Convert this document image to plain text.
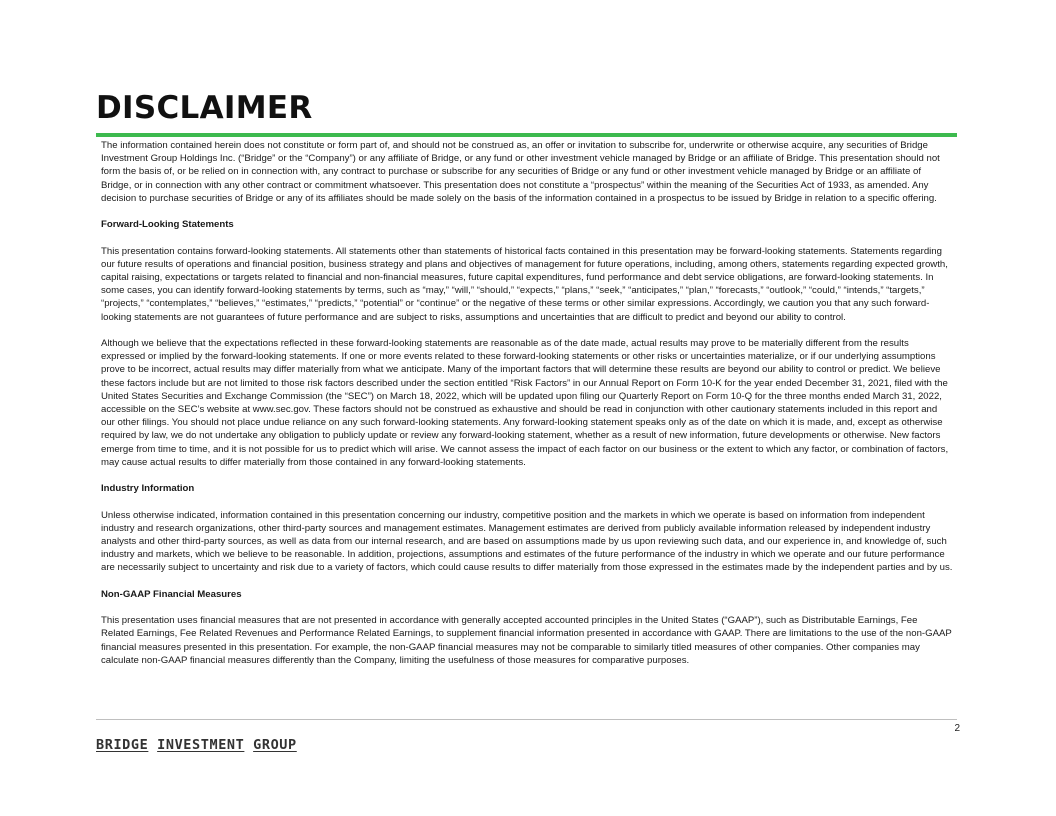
DISCLAIMER

The information contained herein does not constitute or form part of, and should not be construed as, an offer or invitation to subscribe for, underwrite or otherwise acquire, any securities of Bridge Investment Group Holdings Inc. (“Bridge” or the “Company”) or any affiliate of Bridge, or any fund or other investment vehicle managed by Bridge or an affiliate of Bridge. This presentation should not form the basis of, or be relied on in connection with, any contract to purchase or subscribe for any securities of Bridge or any fund or other investment vehicle managed by Bridge or an affiliate of Bridge, or in connection with any other contract or commitment whatsoever. This presentation does not constitute a “prospectus” within the meaning of the Securities Act of 1933, as amended. Any decision to purchase securities of Bridge or any of its affiliates should be made solely on the basis of the information contained in a prospectus to be issued by Bridge in relation to a specific offering.

Forward-Looking Statements

This presentation contains forward-looking statements. All statements other than statements of historical facts contained in this presentation may be forward-looking statements. Statements regarding our future results of operations and financial position, business strategy and plans and objectives of management for future operations, including, among others, statements regarding expected growth, capital raising, expectations or targets related to financial and non-financial measures, future capital expenditures, fund performance and debt service obligations, are forward-looking statements. In some cases, you can identify forward-looking statements by terms, such as “may,” “will,” “should,” “expects,” “plans,” “seek,” “anticipates,” “plan,” “forecasts,” “outlook,” “could,” “intends,” “targets,” “projects,” “contemplates,” “believes,” “estimates,” “predicts,” “potential” or “continue” or the negative of these terms or other similar expressions. Accordingly, we caution you that any such forward-looking statements are not guarantees of future performance and are subject to risks, assumptions and uncertainties that are difficult to predict and beyond our ability to control.

Although we believe that the expectations reflected in these forward-looking statements are reasonable as of the date made, actual results may prove to be materially different from the results expressed or implied by the forward-looking statements. If one or more events related to these forward-looking statements or other risks or uncertainties materialize, or if our underlying assumptions prove to be incorrect, actual results may differ materially from what we anticipate. Many of the important factors that will determine these results are beyond our ability to control or predict. We believe these factors include but are not limited to those risk factors described under the section entitled “Risk Factors” in our Annual Report on Form 10-K for the year ended December 31, 2021, filed with the United States Securities and Exchange Commission (the “SEC”) on March 18, 2022, which will be updated upon filing our Quarterly Report on Form 10-Q for the three months ended March 31, 2022, accessible on the SEC’s website at www.sec.gov. These factors should not be construed as exhaustive and should be read in conjunction with other cautionary statements included in this report and our other filings. You should not place undue reliance on any such forward-looking statements. Any forward-looking statement speaks only as of the date on which it is made, and, except as otherwise required by law, we do not undertake any obligation to publicly update or review any forward-looking statement, whether as a result of new information, future developments or otherwise. New factors emerge from time to time, and it is not possible for us to predict which will arise. We cannot assess the impact of each factor on our business or the extent to which any factor, or combination of factors, may cause actual results to differ materially from those contained in any forward-looking statements.

Industry Information

Unless otherwise indicated, information contained in this presentation concerning our industry, competitive position and the markets in which we operate is based on information from independent industry and research organizations, other third-party sources and management estimates. Management estimates are derived from publicly available information released by independent industry analysts and other third-party sources, as well as data from our internal research, and are based on assumptions made by us upon reviewing such data, and our experience in, and knowledge of, such industry and markets, which we believe to be reasonable. In addition, projections, assumptions and estimates of the future performance of the industry in which we operate and our future performance are necessarily subject to uncertainty and risk due to a variety of factors, which could cause results to differ materially from those expressed in the estimates made by the independent parties and by us.

Non-GAAP Financial Measures

This presentation uses financial measures that are not presented in accordance with generally accepted accounted principles in the United States (“GAAP”), such as Distributable Earnings, Fee Related Earnings, Fee Related Revenues and Performance Related Earnings, to supplement financial information presented in accordance with GAAP. There are limitations to the use of the non-GAAP financial measures presented in this presentation. For example, the non-GAAP financial measures may not be comparable to similarly titled measures of other companies. Other companies may calculate non-GAAP financial measures differently than the Company, limiting the usefulness of those measures for comparative purposes.

2
BRIDGE INVESTMENT GROUP
